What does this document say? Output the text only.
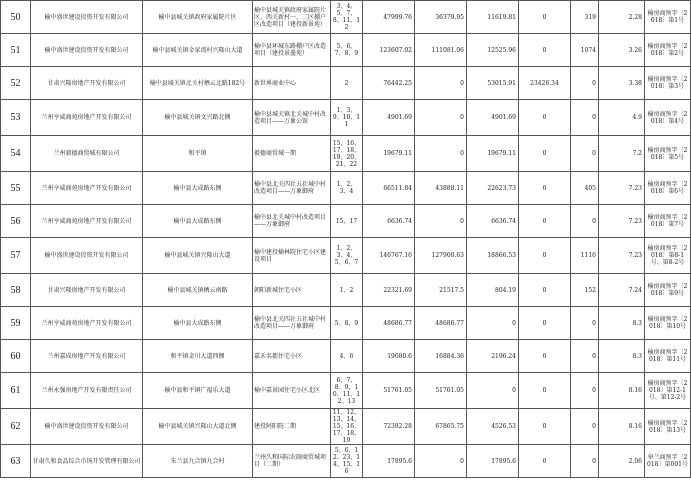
50	榆中盛世建设投资开发有限公司	榆中县城关镇政府家属院片区	榆中县城关镇政府家属院片区、西关新村一、二区棚户区改造项目（建投新景苑）	3、4、5、7、8、11、12	47999.76	36379.95	11619.81	0	319	2.28	榆房商预字〔2018〕第1号
51	榆中盛世建设投资开发有限公司	榆中县城关镇金家湾村兴隆山大道	榆中县环城东路棚户区改造项目（建投景墨苑）	5、6、7、8、9	123607.02	111081.06	12525.96	0	1074	3.26	榆房商预字〔2018〕第2号
52	甘肃兴隆房地产开发有限公司	榆中县城关镇北关村栖云北路182号	新世界商业中心	2	76442.25	0	53015.91	23426.34	0	3.38	榆房商预字〔2018〕第3号
53	兰州亨威商苑房地产开发有限公司	榆中县城关镇文兴路北侧	榆中县城关镇北关城中村改造项目——万象公馆	1、3、9、10、11	4901.69	0	4901.69	0	0	4.9	榆房商预字〔2018〕第4号
54	兰州毅德商贸城有限公司	和平镇	毅德商贸城一期	15、16、17、18、19、20、21、22	19679.11	0	19679.11	0	0	7.2	榆房商预字〔2018〕第5号
55	兰州亨威商苑房地产开发有限公司	榆中县大成路东侧	榆中县北关四社五社城中村改造项目——万象御府	1、2、3、4	66511.84	43888.11	22623.73	0	405	7.23	榆房商预字〔2018〕第6号
56	兰州亨威商苑房地产开发有限公司	榆中县大成路东侧	榆中县北关城中村改造项目——万象御府	15、17	6636.74	0	6636.74	0	0	7.23	榆房商预字〔2018〕第7号
57	榆中盛世建设投资开发有限公司	榆中县城关镇兴隆山大道	榆中建投榆林院住宅小区建设项目	1、2、3、4、5、6、7	146767.16	127900.63	18866.53	0	1116	7.23	榆房商预字〔2018〕第8-1号、第8-2号
58	甘肃兴隆房地产开发有限公司	榆中县城关镇栖云南路	朝阳新城住宅小区	1、2	22321.69	21517.5	804.19	0	152	7.24	榆房商预字〔2018〕第9号
59	兰州亨威商苑房地产开发有限公司	榆中县大成路东侧	榆中县北关四社五社城中村改造项目——万象御府	5、8、9	48686.77	48686.77	0	0	0	8.3	榆房商预字〔2018〕第10号
60	兰州嘉成房地产开发有限公司	和平镇金川大道西侧	嘉禾名都住宅小区	4、6	19080.6	16884.36	2196.24	0	0	8.3	榆房商预字〔2018〕第11号
61	兰州永强房地产开发有限责任公司	榆中县和平镇广福乐大道	榆中嘉景园住宅小区北区	6、7、8、9、10、11、12、13	51761.05	51761.05	0	0	0	8.16	榆房商预字〔2018〕第12-1号、第12-2号
62	榆中盛世建设投资开发有限公司	榆中县城关镇兴隆山大道北侧	建投阿阳院二期	11、12、13、14、15、16、17、18、19	72392.28	67865.75	4526.53	0	0	8.16	榆房商预字〔2018〕第13号
63	甘肃久和食品综合市场开发管理有限公司	朱兰县九合镇九合村	兰州久和国际农副商贸城项目（二期）	5、6、12、23、14、15、16	17895.6	0	17895.6	0	0	2.06	皋兰商预字〔2018〕第001号
